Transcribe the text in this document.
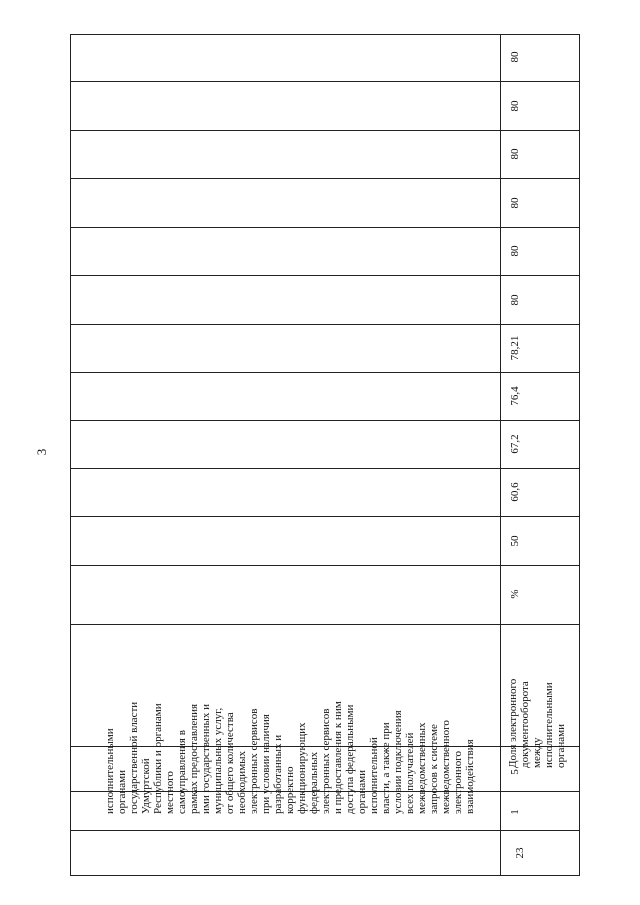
3
исполнительными органами государственной власти Удмуртской Республики и органами местного самоуправления в рамках предоставления ими государственных и муниципальных услуг, от общего количества необходимых электронных сервисов при условии наличия разработанных и корректно функционирующих федеральных электронных сервисов и предоставления к ним доступа федеральными органами исполнительной власти, а также при условии подключения всех получателей межведомственных запросов к системе межведомственного электронного взаимодействия
%
50
60,6
67,2
76,4
78,21
80
80
80
80
80
80
23
1
5
Доля электронного документооборота между исполнительными органами
